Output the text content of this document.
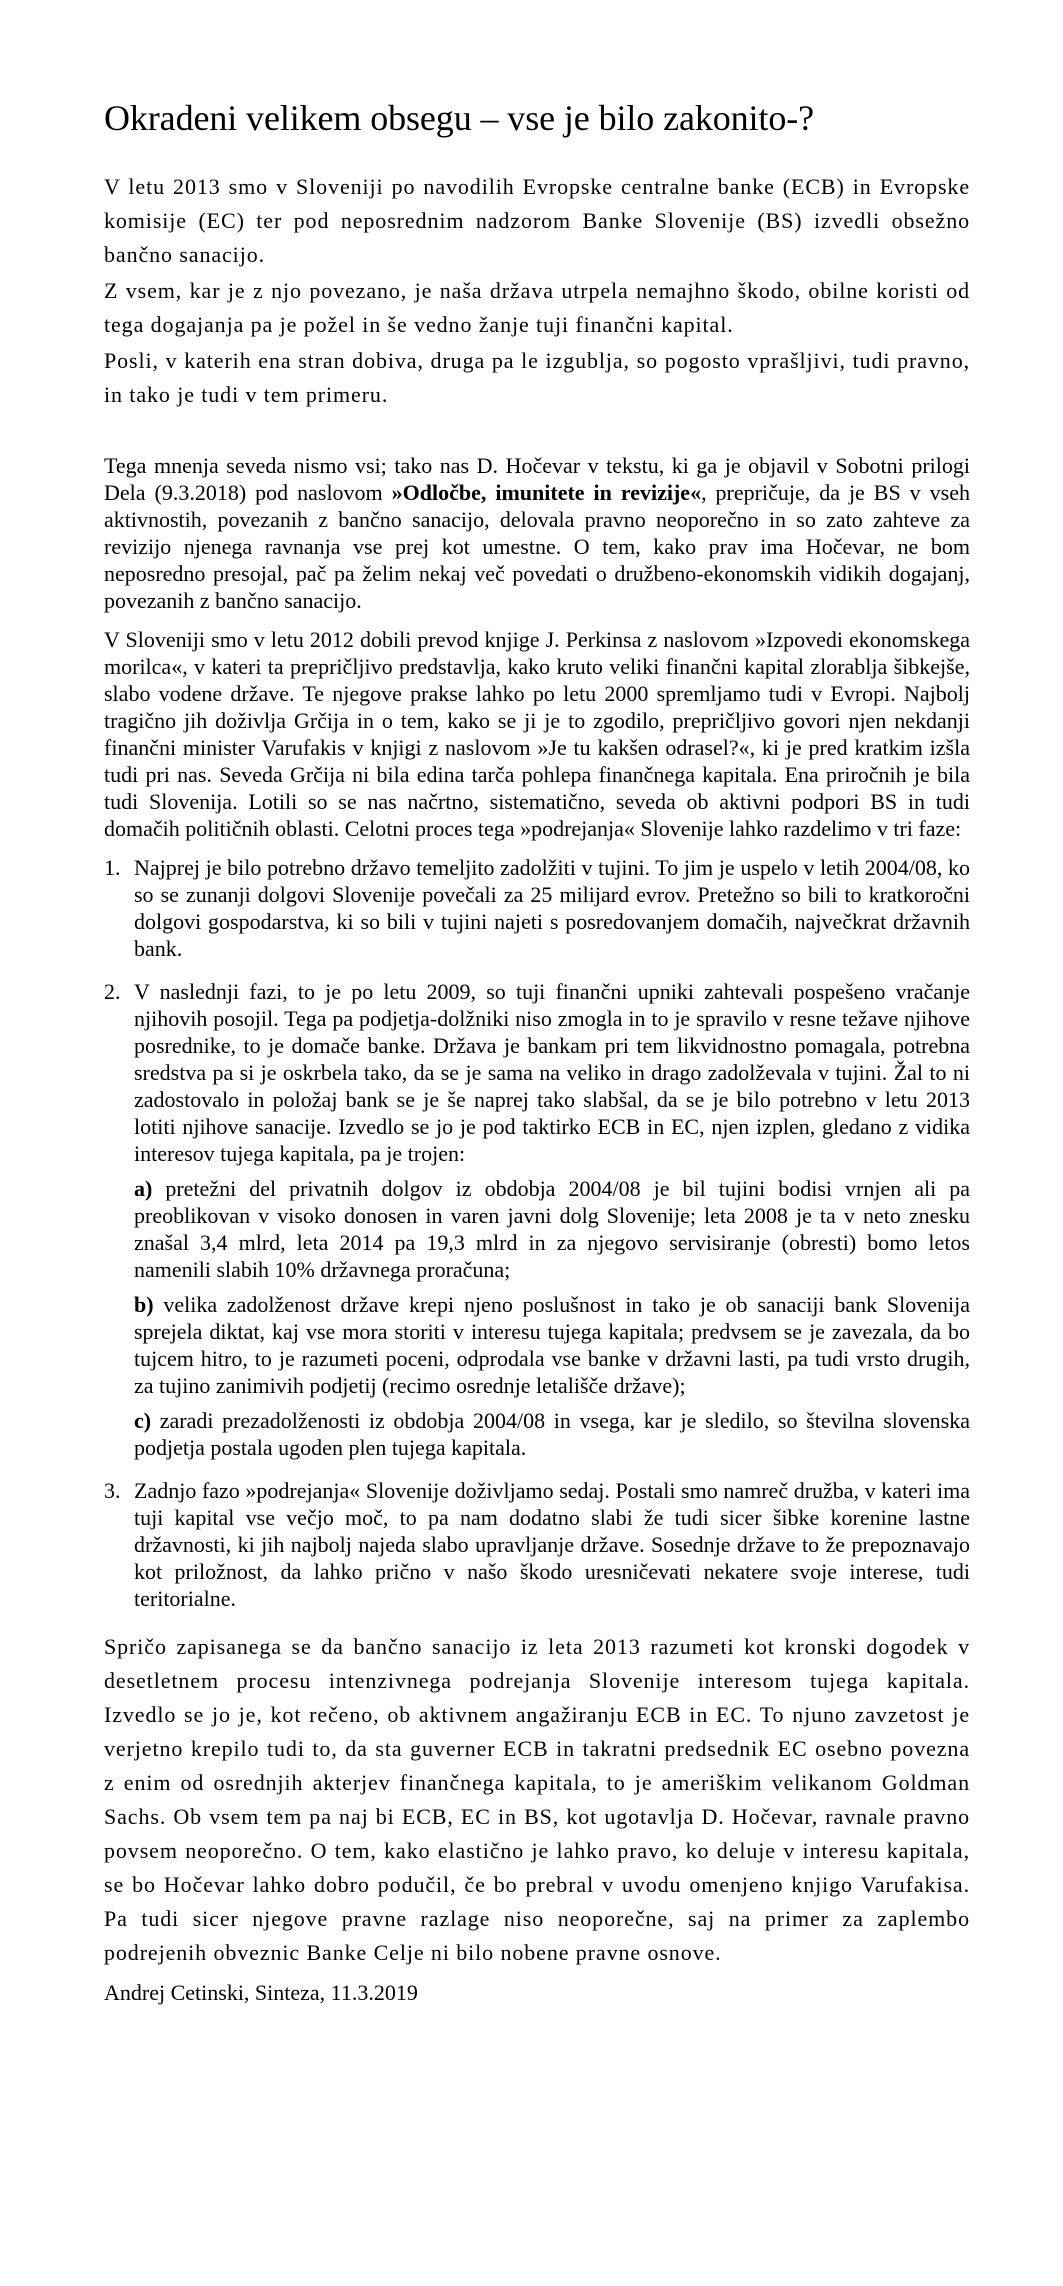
Okradeni velikem obsegu – vse je bilo zakonito-?

V letu 2013 smo v Sloveniji po navodilih Evropske centralne banke (ECB) in Evropske komisije (EC) ter pod neposrednim nadzorom Banke Slovenije (BS) izvedli obsežno bančno sanacijo.

Z vsem, kar je z njo povezano, je naša država utrpela nemajhno škodo, obilne koristi od tega dogajanja pa je požel in še vedno žanje tuji finančni kapital.

Posli, v katerih ena stran dobiva, druga pa le izgublja, so pogosto vprašljivi, tudi pravno, in tako je tudi v tem primeru.

Tega mnenja seveda nismo vsi; tako nas D. Hočevar v tekstu, ki ga je objavil v Sobotni prilogi Dela (9.3.2018) pod naslovom »Odločbe, imunitete in revizije«, prepričuje, da je BS v vseh aktivnostih, povezanih z bančno sanacijo, delovala pravno neoporečno in so zato zahteve za revizijo njenega ravnanja vse prej kot umestne. O tem, kako prav ima Hočevar, ne bom neposredno presojal, pač pa želim nekaj več povedati o družbeno-ekonomskih vidikih dogajanj, povezanih z bančno sanacijo.

V Sloveniji smo v letu 2012 dobili prevod knjige J. Perkinsa z naslovom »Izpovedi ekonomskega morilca«, v kateri ta prepričljivo predstavlja, kako kruto veliki finančni kapital zlorablja šibkejše, slabo vodene države. Te njegove prakse lahko po letu 2000 spremljamo tudi v Evropi. Najbolj tragično jih doživlja Grčija in o tem, kako se ji je to zgodilo, prepričljivo govori njen nekdanji finančni minister Varufakis v knjigi z naslovom »Je tu kakšen odrasel?«, ki je pred kratkim izšla tudi pri nas. Seveda Grčija ni bila edina tarča pohlepa finančnega kapitala. Ena priročnih je bila tudi Slovenija. Lotili so se nas načrtno, sistematično, seveda ob aktivni podpori BS in tudi domačih političnih oblasti. Celotni proces tega »podrejanja« Slovenije lahko razdelimo v tri faze:

1. Najprej je bilo potrebno državo temeljito zadolžiti v tujini. To jim je uspelo v letih 2004/08, ko so se zunanji dolgovi Slovenije povečali za 25 milijard evrov. Pretežno so bili to kratkoročni dolgovi gospodarstva, ki so bili v tujini najeti s posredovanjem domačih, največkrat državnih bank.

2. V naslednji fazi, to je po letu 2009, so tuji finančni upniki zahtevali pospešeno vračanje njihovih posojil. Tega pa podjetja-dolžniki niso zmogla in to je spravilo v resne težave njihove posrednike, to je domače banke. Država je bankam pri tem likvidnostno pomagala, potrebna sredstva pa si je oskrbela tako, da se je sama na veliko in drago zadolževala v tujini. Žal to ni zadostovalo in položaj bank se je še naprej tako slabšal, da se je bilo potrebno v letu 2013 lotiti njihove sanacije. Izvedlo se jo je pod taktirko ECB in EC, njen izplen, gledano z vidika interesov tujega kapitala, pa je trojen:

a) pretežni del privatnih dolgov iz obdobja 2004/08 je bil tujini bodisi vrnjen ali pa preoblikovan v visoko donosen in varen javni dolg Slovenije; leta 2008 je ta v neto znesku znašal 3,4 mlrd, leta 2014 pa 19,3 mlrd in za njegovo servisiranje (obresti) bomo letos namenili slabih 10% državnega proračuna;

b) velika zadolženost države krepi njeno poslušnost in tako je ob sanaciji bank Slovenija sprejela diktat, kaj vse mora storiti v interesu tujega kapitala; predvsem se je zavezala, da bo tujcem hitro, to je razumeti poceni, odprodala vse banke v državni lasti, pa tudi vrsto drugih, za tujino zanimivih podjetij (recimo osrednje letališče države);

c) zaradi prezadolženosti iz obdobja 2004/08 in vsega, kar je sledilo, so številna slovenska podjetja postala ugoden plen tujega kapitala.

3. Zadnjo fazo »podrejanja« Slovenije doživljamo sedaj. Postali smo namreč družba, v kateri ima tuji kapital vse večjo moč, to pa nam dodatno slabi že tudi sicer šibke korenine lastne državnosti, ki jih najbolj najeda slabo upravljanje države. Sosednje države to že prepoznavajo kot priložnost, da lahko prično v našo škodo uresničevati nekatere svoje interese, tudi teritorialne.

Spričo zapisanega se da bančno sanacijo iz leta 2013 razumeti kot kronski dogodek v desetletnem procesu intenzivnega podrejanja Slovenije interesom tujega kapitala. Izvedlo se jo je, kot rečeno, ob aktivnem angažiranju ECB in EC. To njuno zavzetost je verjetno krepilo tudi to, da sta guverner ECB in takratni predsednik EC osebno povezna z enim od osrednjih akterjev finančnega kapitala, to je ameriškim velikanom Goldman Sachs. Ob vsem tem pa naj bi ECB, EC in BS, kot ugotavlja D. Hočevar, ravnale pravno povsem neoporečno. O tem, kako elastično je lahko pravo, ko deluje v interesu kapitala, se bo Hočevar lahko dobro podučil, če bo prebral v uvodu omenjeno knjigo Varufakisa. Pa tudi sicer njegove pravne razlage niso neoporečne, saj na primer za zaplembo podrejenih obveznic Banke Celje ni bilo nobene pravne osnove.

Andrej Cetinski, Sinteza, 11.3.2019
